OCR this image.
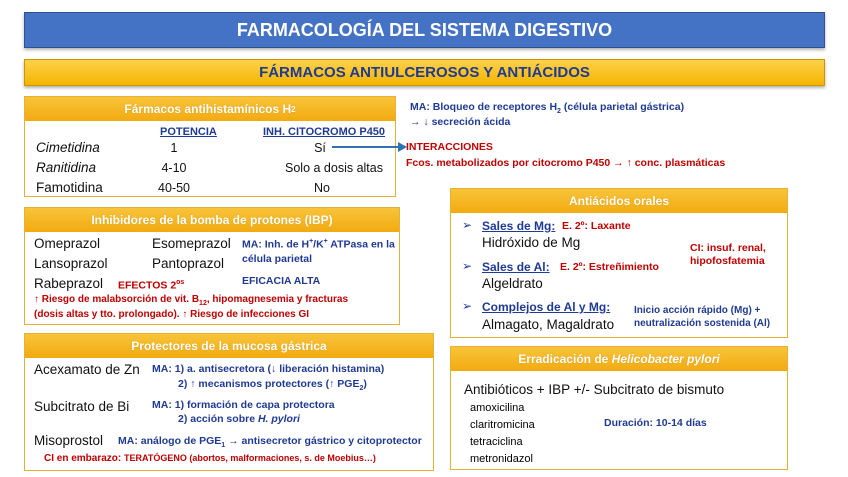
FARMACOLOGÍA DEL SISTEMA DIGESTIVO
FÁRMACOS ANTIULCEROSOS Y ANTIÁCIDOS
Fármacos antihistamínicos H 2
POTENCIA	INH. CITOCROMO P450
Cimetidina	1	Sí
Ranitidina	4-10	Solo a dosis altas
Famotidina	40-50	No
MA: Bloqueo de receptores $H_2$ (célula parietal gástrica)
→ ↓ secreción ácida
INTERACCIONES
Fcos. metabolizados por citocromo P450 → ↑ conc. plasmáticas
Inhibidores de la bomba de protones (IBP)
Omeprazol
Lansoprazol
Rabeprazol
Esomeprazol
Pantoprazol
MA: Inh. de H+/K+ ATPasa en la
célula parietal
EFICACIA ALTA
EFECTOS $2^{os}$
↑ Riesgo de malabsorción de vit. $B_{12}$, hipomagnesemia y fracturas
(dosis altas y tto. prolongado). ↑ Riesgo de infecciones GI
Protectores de la mucosa gástrica
Acexamato de Zn MA: 1) a. antisecretora (↓ liberación histamina)
2) ↑ mecanismos protectores (↑ $PGE_2$)
Subcitrato de Bi MA: 1) formación de capa protectora
2) acción sobre H. pylori
Misoprostol MA: análogo de $PGE_1$ → antisecretor gástrico y citoprotector
CI en embarazo: TERATÓGENO (abortos, malformaciones, s. de Moebius…)
Antiácidos orales
➢ Sales de Mg: E. 2º: Laxante
Hidróxido de Mg
➢ Sales de Al: E. 2º: Estreñimiento
Algeldrato
CI: insuf. renal, hipofosfatemia
➢ Complejos de Al y Mg:
Almagato, Magaldrato
Inicio acción rápido (Mg) + neutralización sostenida (Al)
Erradicación de
Helicobacter pylori
Antibióticos + IBP +/- Subcitrato de bismuto
amoxicilina
claritromicina
tetraciclina
metronidazol
Duración: 10-14 días
